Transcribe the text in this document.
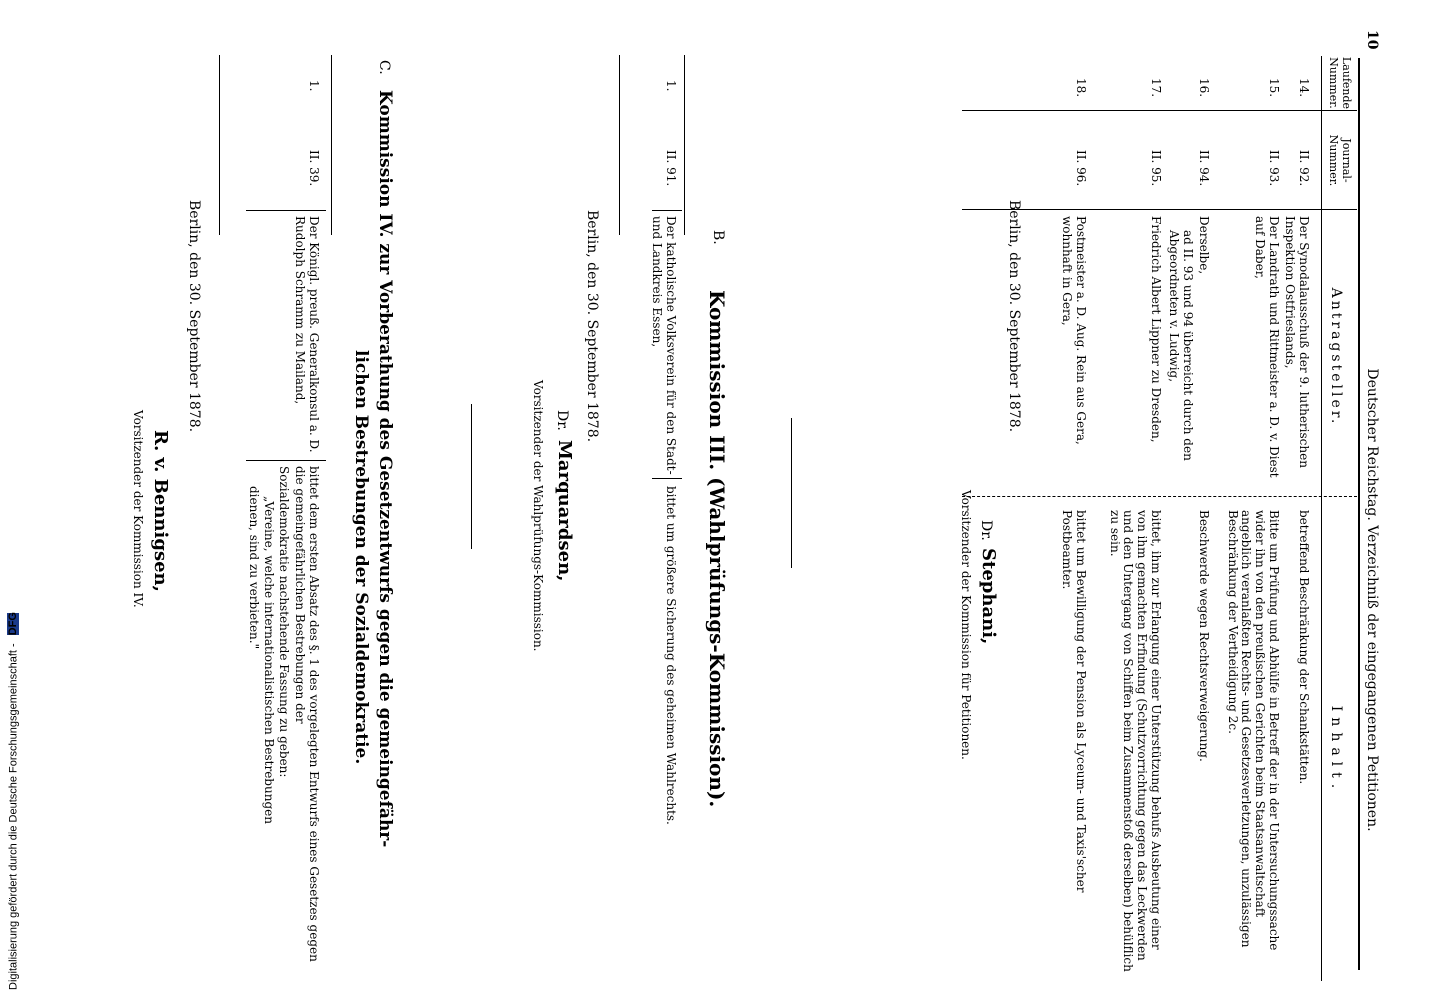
10
Deutscher Reichstag. Verzeichniß der eingegangenen Petitionen.
Laufende Nummer.
Journal-Nummer.
Antragsteller.
Inhalt.
14.
II. 92.
Der Synodalausschuß der 9. lutherischen Inspektion Ostfrieslands,
betreffend Beschränkung der Schankstätten.
15.
II. 93.
Der Landrath und Rittmeister a. D. v. Diest auf Daber,
Bitte um Prüfung und Abhülfe in Betreff der in der Untersuchungssache wider ihn von den preußischen Gerichten beim Staatsanwaltschaft angeblich veranlaßten Rechts- und Gesetzesverletzungen, unzulässigen Beschränkung der Vertheidigung 2c.
16.
II. 94.
Derselbe,
Beschwerde wegen Rechtsverweigerung.
ad II. 93 und 94 überreicht durch den Abgeordneten v. Ludwig,
17.
II. 95.
Friedrich Albert Lippner zu Dresden,
bittet, ihm zur Erlangung einer Unterstützung behufs Ausbeutung einer von ihm gemachten Erfindung (Schutzvorrichtung gegen das Leckwerden und den Untergang von Schiffen beim Zusammenstoß derselben) behülflich zu sein.
18.
II. 96.
Postmeister a. D. Aug. Rein aus Gera, wohnhaft in Gera,
bittet um Bewilligung der Pension als Lyceum- und Taxis'scher Postbeamter.
Berlin, den 30. September 1878.
Dr.
Stephani,
Vorsitzender der Kommission für Petitionen.
B.
Kommission III. (Wahlprüfungs-Kommission).
1.
II. 91.
Der katholische Volksverein für den Stadt- und Landkreis Essen,
bittet um größere Sicherung des geheimen Wahlrechts.
Berlin, den 30. September 1878.
Dr.
Marquardsen,
Vorsitzender der Wahlprüfungs-Kommission.
C.
Kommission IV. zur Vorberathung des Gesetzentwurfs gegen die gemeingefähr-
lichen Bestrebungen der Sozialdemokratie.
1.
II. 39.
Der Königl. preuß. Generalkonsul a. D. Rudolph Schramm zu Mailand,
bittet dem ersten Absatz des §. 1 des vorgelegten Entwurfs eines Gesetzes gegen die gemeingefährlichen Bestrebungen der
Sozialdemokratie nachstehende Fassung zu geben:
„Vereine, welche internationalistischen Bestrebungen
dienen, sind zu verbieten."
Berlin, den 30. September 1878.
R. v. Bennigsen,
Vorsitzender der Kommission IV.
Digitalisierung gefördert durch die Deutsche Forschungsgemeinschaft - DFG
